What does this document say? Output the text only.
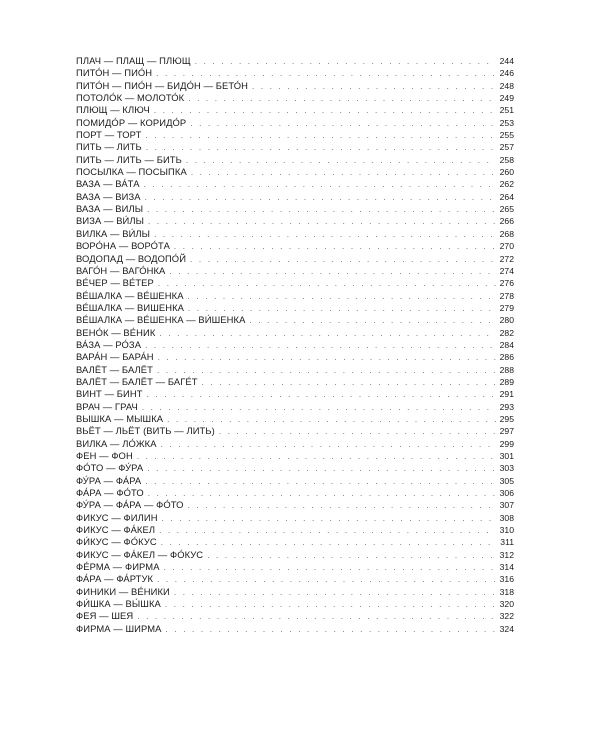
ПЛАЧ — ПЛАЩ — ПЛЮЩ . . .	244
ПИТО́Н — ПИО́Н . . .	246
ПИТО́Н — ПИО́Н — БИДО́Н — БЕТО́Н . . .	248
ПОТОЛО́К — МОЛОТО́К . . .	249
ПЛЮЩ — КЛЮЧ . . .	251
ПОМИДО́Р — КОРИДО́Р . . .	253
ПОРТ — ТОРТ . . .	255
ПИТЬ — ЛИТЬ . . .	257
ПИТЬ — ЛИТЬ — БИТЬ . . .	258
ПОСЫЛКА — ПОСЫПКА . . .	260
ВАЗА — ВА́ТА . . .	262
ВАЗА — ВИЗА . . .	264
ВАЗА — ВИЛЫ . . .	265
ВИЗА — ВИ́ЛЫ . . .	266
ВИЛКА — ВИ́ЛЫ . . .	268
ВОРО́НА — ВОРО́ТА . . .	270
ВОДОПАД — ВОДОПО́Й . . .	272
ВАГО́Н — ВАГО́НКА . . .	274
ВЕ́ЧЕР — ВЕ́ТЕР . . .	276
ВЕ́ШАЛКА — ВЕ́ШЕНКА . . .	278
ВЕ́ШАЛКА — ВИШЕНКА . . .	279
ВЕ́ШАЛКА — ВЕ́ШЕНКА — ВИ́ШЕНКА . . .	280
ВЕНО́К — ВЕ́НИК . . .	282
ВА́ЗА — РО́ЗА . . .	284
ВАРА́Н — БАРА́Н . . .	286
ВАЛЁТ — БАЛЁТ . . .	288
ВАЛЁТ — БАЛЁТ — БАГЕ́Т . . .	289
ВИНТ — БИНТ . . .	291
ВРАЧ — ГРАЧ . . .	293
ВЫШКА — МЫШКА . . .	295
ВЬЁТ — ЛЬЁТ (ВИТЬ — ЛИТЬ) . . .	297
ВИЛКА — ЛО́ЖКА . . .	299
ФЕН — ФОН . . .	301
ФО́ТО — ФУ́РА . . .	303
ФУ́РА — ФА́РА . . .	305
ФА́РА — ФО́ТО . . .	306
ФУ́РА — ФА́РА — ФО́ТО . . .	307
ФИКУС — ФИЛИН . . .	308
ФИКУС — ФА́КЕЛ . . .	310
ФИ́КУС — ФО́КУС . . .	311
ФИКУС — ФА́КЕЛ — ФО́КУС . . .	312
ФЕ́РМА — ФИРМА . . .	314
ФА́РА — ФА́РТУК . . .	316
ФИНИКИ — ВЕ́НИКИ . . .	318
ФИ́ШКА — ВЫ́ШКА . . .	320
ФЕЯ — ШЕЯ . . .	322
ФИРМА — ШИРМА . . .	324
